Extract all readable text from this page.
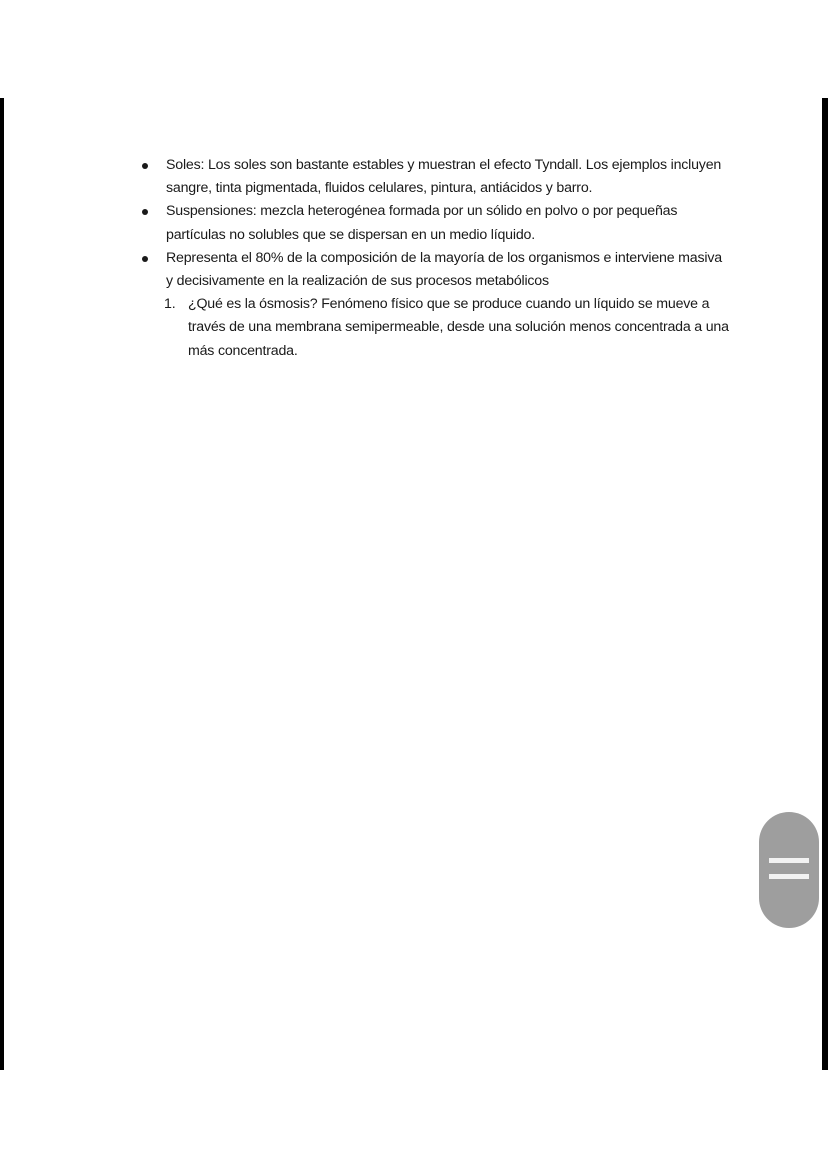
Soles: Los soles son bastante estables y muestran el efecto Tyndall. Los ejemplos incluyen sangre, tinta pigmentada, fluidos celulares, pintura, antiácidos y barro.
Suspensiones: mezcla heterogénea formada por un sólido en polvo o por pequeñas partículas no solubles que se dispersan en un medio líquido.
Representa el 80% de la composición de la mayoría de los organismos e interviene masiva y decisivamente en la realización de sus procesos metabólicos
1. ¿Qué es la ósmosis? Fenómeno físico que se produce cuando un líquido se mueve a través de una membrana semipermeable, desde una solución menos concentrada a una más concentrada.
